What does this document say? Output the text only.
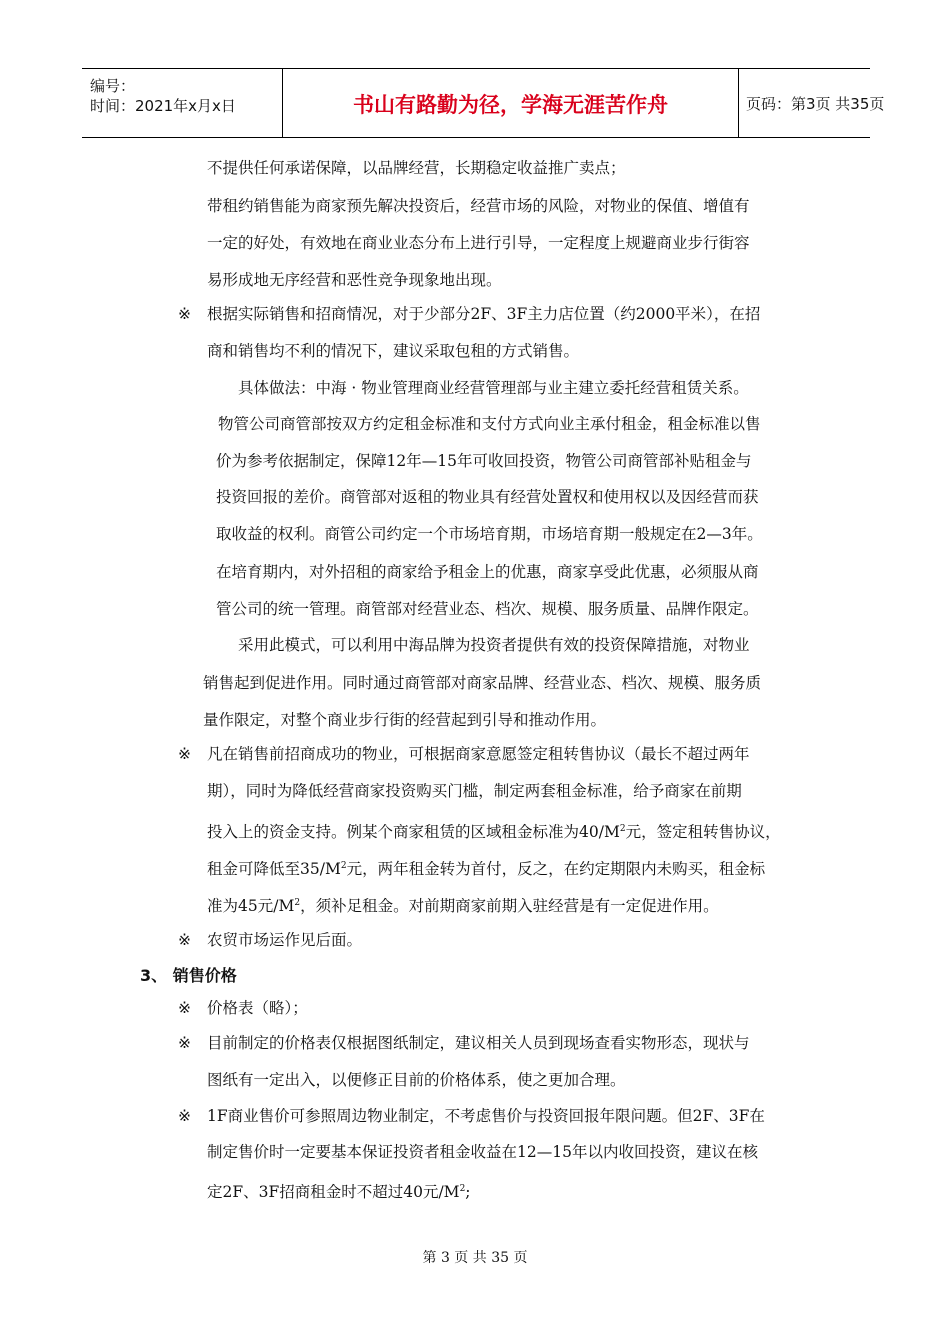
编号：
时间：2021年x月x日	书山有路勤为径，学海无涯苦作舟	页码：第3页 共35页
不提供任何承诺保障，以品牌经营，长期稳定收益推广卖点；
带租约销售能为商家预先解决投资后，经营市场的风险，对物业的保值、增值有
一定的好处，有效地在商业业态分布上进行引导，一定程度上规避商业步行街容
易形成地无序经营和恶性竞争现象地出现。
※ 根据实际销售和招商情况，对于少部分2F、3F主力店位置（约2000平米），在招
商和销售均不利的情况下，建议采取包租的方式销售。
具体做法：中海 · 物业管理商业经营管理部与业主建立委托经营租赁关系。
物管公司商管部按双方约定租金标准和支付方式向业主承付租金，租金标准以售
价为参考依据制定，保障12年—15年可收回投资，物管公司商管部补贴租金与
投资回报的差价。商管部对返租的物业具有经营处置权和使用权以及因经营而获
取收益的权利。商管公司约定一个市场培育期，市场培育期一般规定在2—3年。
在培育期内，对外招租的商家给予租金上的优惠，商家享受此优惠，必须服从商
管公司的统一管理。商管部对经营业态、档次、规模、服务质量、品牌作限定。
采用此模式，可以利用中海品牌为投资者提供有效的投资保障措施，对物业
销售起到促进作用。同时通过商管部对商家品牌、经营业态、档次、规模、服务质
量作限定，对整个商业步行街的经营起到引导和推动作用。
※ 凡在销售前招商成功的物业，可根据商家意愿签定租转售协议（最长不超过两年
期），同时为降低经营商家投资购买门槛，制定两套租金标准，给予商家在前期
投入上的资金支持。例某个商家租赁的区域租金标准为$40/M^2$元，签定租转售协议，
租金可降低至$35/M^2$元，两年租金转为首付，反之，在约定期限内未购买，租金标
准为45元$/M^2$，须补足租金。对前期商家前期入驻经营是有一定促进作用。
※ 农贸市场运作见后面。
3、 销售价格
※ 价格表（略）；
※ 目前制定的价格表仅根据图纸制定，建议相关人员到现场查看实物形态，现状与
图纸有一定出入，以便修正目前的价格体系，使之更加合理。
※ 1F商业售价可参照周边物业制定，不考虑售价与投资回报年限问题。但2F、3F在
制定售价时一定要基本保证投资者租金收益在12—15年以内收回投资，建议在核
定2F、3F招商租金时不超过40元$/M^2$;
第 3 页 共 35 页
